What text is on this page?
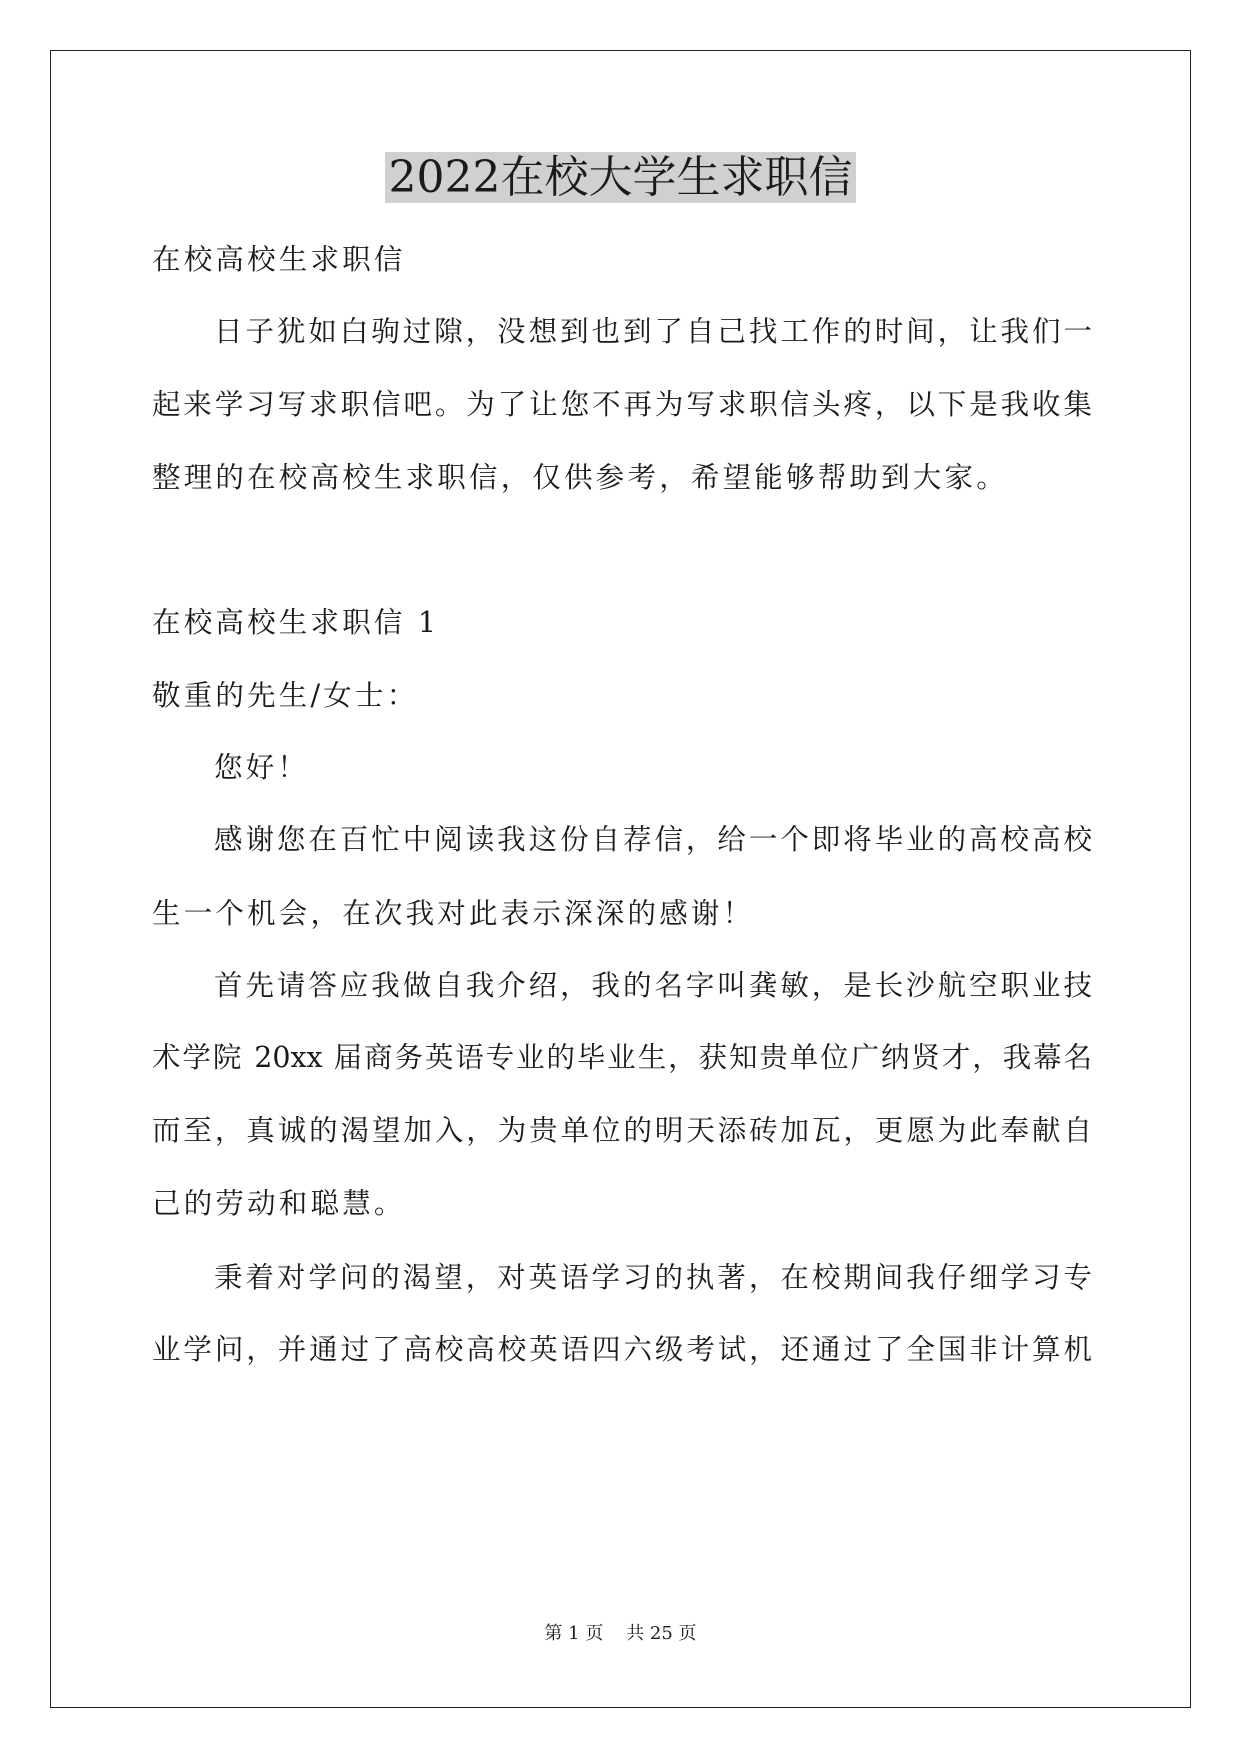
2022在校大学生求职信

在校高校生求职信

日子犹如白驹过隙，没想到也到了自己找工作的时间，让我们一

起来学习写求职信吧。为了让您不再为写求职信头疼，以下是我收集

整理的在校高校生求职信，仅供参考，希望能够帮助到大家。

在校高校生求职信 1

敬重的先生/女士：

您好！

感谢您在百忙中阅读我这份自荐信，给一个即将毕业的高校高校

生一个机会，在次我对此表示深深的感谢！

首先请答应我做自我介绍，我的名字叫龚敏，是长沙航空职业技

术学院 20xx 届商务英语专业的毕业生，获知贵单位广纳贤才，我幕名

而至，真诚的渴望加入，为贵单位的明天添砖加瓦，更愿为此奉献自

己的劳动和聪慧。

秉着对学问的渴望，对英语学习的执著，在校期间我仔细学习专

业学问，并通过了高校高校英语四六级考试，还通过了全国非计算机

第 1 页    共 25 页
